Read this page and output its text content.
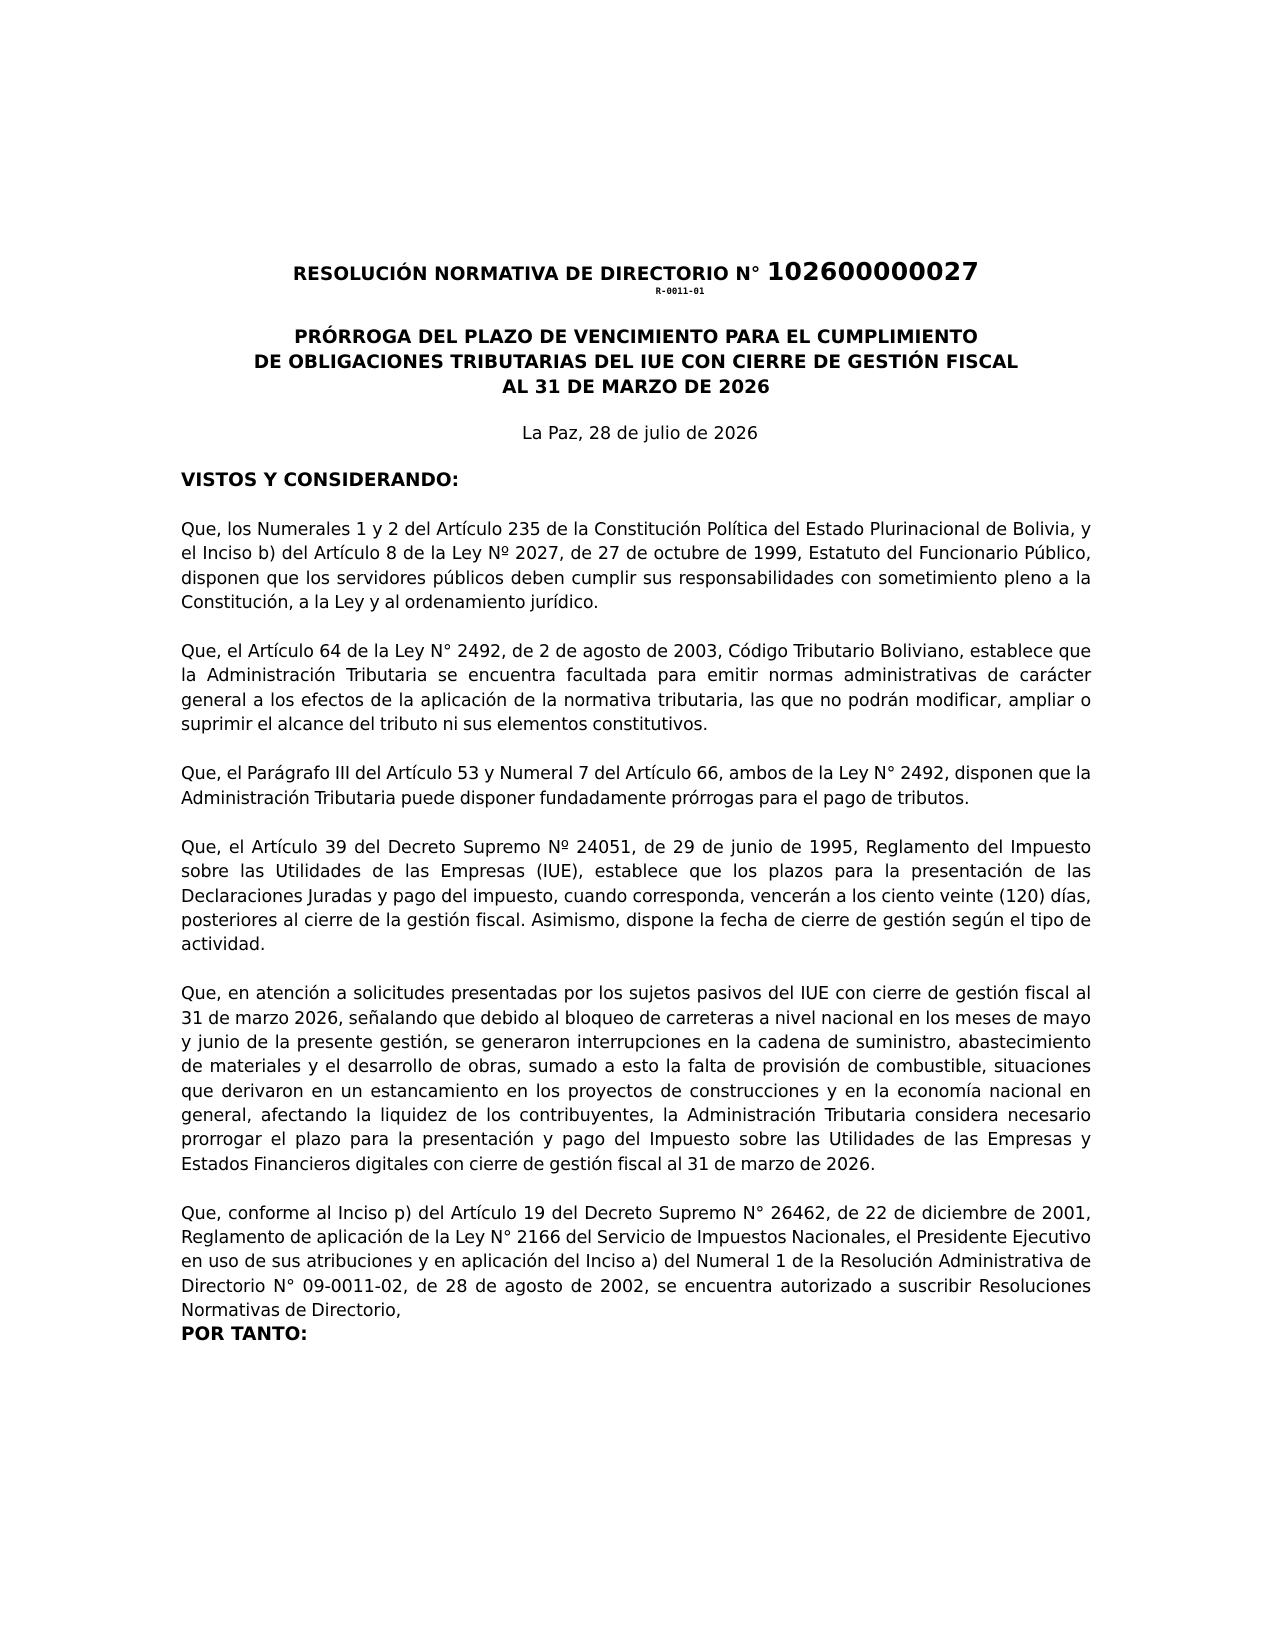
RESOLUCIÓN NORMATIVA DE DIRECTORIO N° 102600000027
R-0011-01
PRÓRROGA DEL PLAZO DE VENCIMIENTO PARA EL CUMPLIMIENTO
DE OBLIGACIONES TRIBUTARIAS DEL IUE CON CIERRE DE GESTIÓN FISCAL
AL 31 DE MARZO DE 2026

La Paz, 28 de julio de 2026

VISTOS Y CONSIDERANDO:

Que, los Numerales 1 y 2 del Artículo 235 de la Constitución Política del Estado Plurinacional de Bolivia, y el Inciso b) del Artículo 8 de la Ley Nº 2027, de 27 de octubre de 1999, Estatuto del Funcionario Público, disponen que los servidores públicos deben cumplir sus responsabilidades con sometimiento pleno a la Constitución, a la Ley y al ordenamiento jurídico.

Que, el Artículo 64 de la Ley N° 2492, de 2 de agosto de 2003, Código Tributario Boliviano, establece que la Administración Tributaria se encuentra facultada para emitir normas administrativas de carácter general a los efectos de la aplicación de la normativa tributaria, las que no podrán modificar, ampliar o suprimir el alcance del tributo ni sus elementos constitutivos.

Que, el Parágrafo III del Artículo 53 y Numeral 7 del Artículo 66, ambos de la Ley N° 2492, disponen que la Administración Tributaria puede disponer fundadamente prórrogas para el pago de tributos.

Que, el Artículo 39 del Decreto Supremo Nº 24051, de 29 de junio de 1995, Reglamento del Impuesto sobre las Utilidades de las Empresas (IUE), establece que los plazos para la presentación de las Declaraciones Juradas y pago del impuesto, cuando corresponda, vencerán a los ciento veinte (120) días, posteriores al cierre de la gestión fiscal. Asimismo, dispone la fecha de cierre de gestión según el tipo de actividad.

Que, en atención a solicitudes presentadas por los sujetos pasivos del IUE con cierre de gestión fiscal al 31 de marzo 2026, señalando que debido al bloqueo de carreteras a nivel nacional en los meses de mayo y junio de la presente gestión, se generaron interrupciones en la cadena de suministro, abastecimiento de materiales y el desarrollo de obras, sumado a esto la falta de provisión de combustible, situaciones que derivaron en un estancamiento en los proyectos de construcciones y en la economía nacional en general, afectando la liquidez de los contribuyentes, la Administración Tributaria considera necesario prorrogar el plazo para la presentación y pago del Impuesto sobre las Utilidades de las Empresas y Estados Financieros digitales con cierre de gestión fiscal al 31 de marzo de 2026.

Que, conforme al Inciso p) del Artículo 19 del Decreto Supremo N° 26462, de 22 de diciembre de 2001, Reglamento de aplicación de la Ley N° 2166 del Servicio de Impuestos Nacionales, el Presidente Ejecutivo en uso de sus atribuciones y en aplicación del Inciso a) del Numeral 1 de la Resolución Administrativa de Directorio N° 09-0011-02, de 28 de agosto de 2002, se encuentra autorizado a suscribir Resoluciones Normativas de Directorio,

POR TANTO:
